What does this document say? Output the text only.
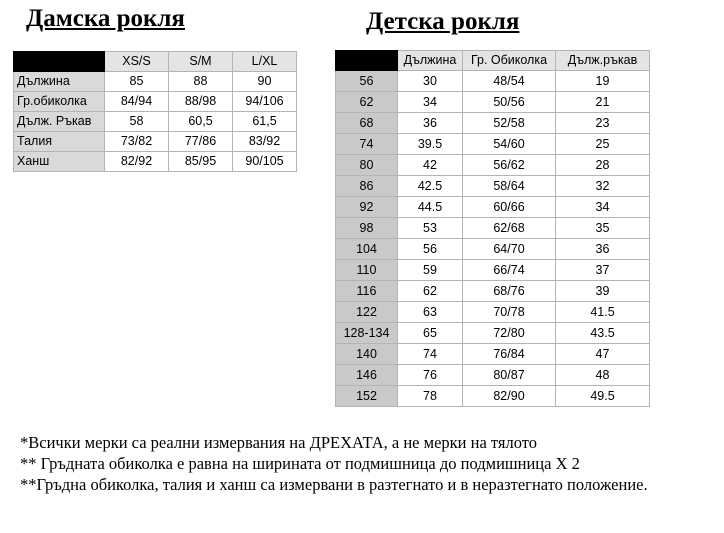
Дамска рокля	Детска рокля
	XS/S	S/M	L/XL
Дължина	85	88	90
Гр.обиколка	84/94	88/98	94/106
Дълж. Ръкав	58	60,5	61,5
Талия	73/82	77/86	83/92
Ханш	82/92	85/95	90/105
	Дължина	Гр. Обиколка	Дълж.ръкав
56	30	48/54	19
62	34	50/56	21
68	36	52/58	23
74	39.5	54/60	25
80	42	56/62	28
86	42.5	58/64	32
92	44.5	60/66	34
98	53	62/68	35
104	56	64/70	36
110	59	66/74	37
116	62	68/76	39
122	63	70/78	41.5
128-134	65	72/80	43.5
140	74	76/84	47
146	76	80/87	48
152	78	82/90	49.5

*Всички мерки са реални измервания на ДРЕХАТА, а не мерки на тялото

** Гръдната обиколка е равна на ширината от подмишница до подмишница Х 2

**Гръдна обиколка, талия и ханш са измервани в разтегнато и в неразтегнато положение.
